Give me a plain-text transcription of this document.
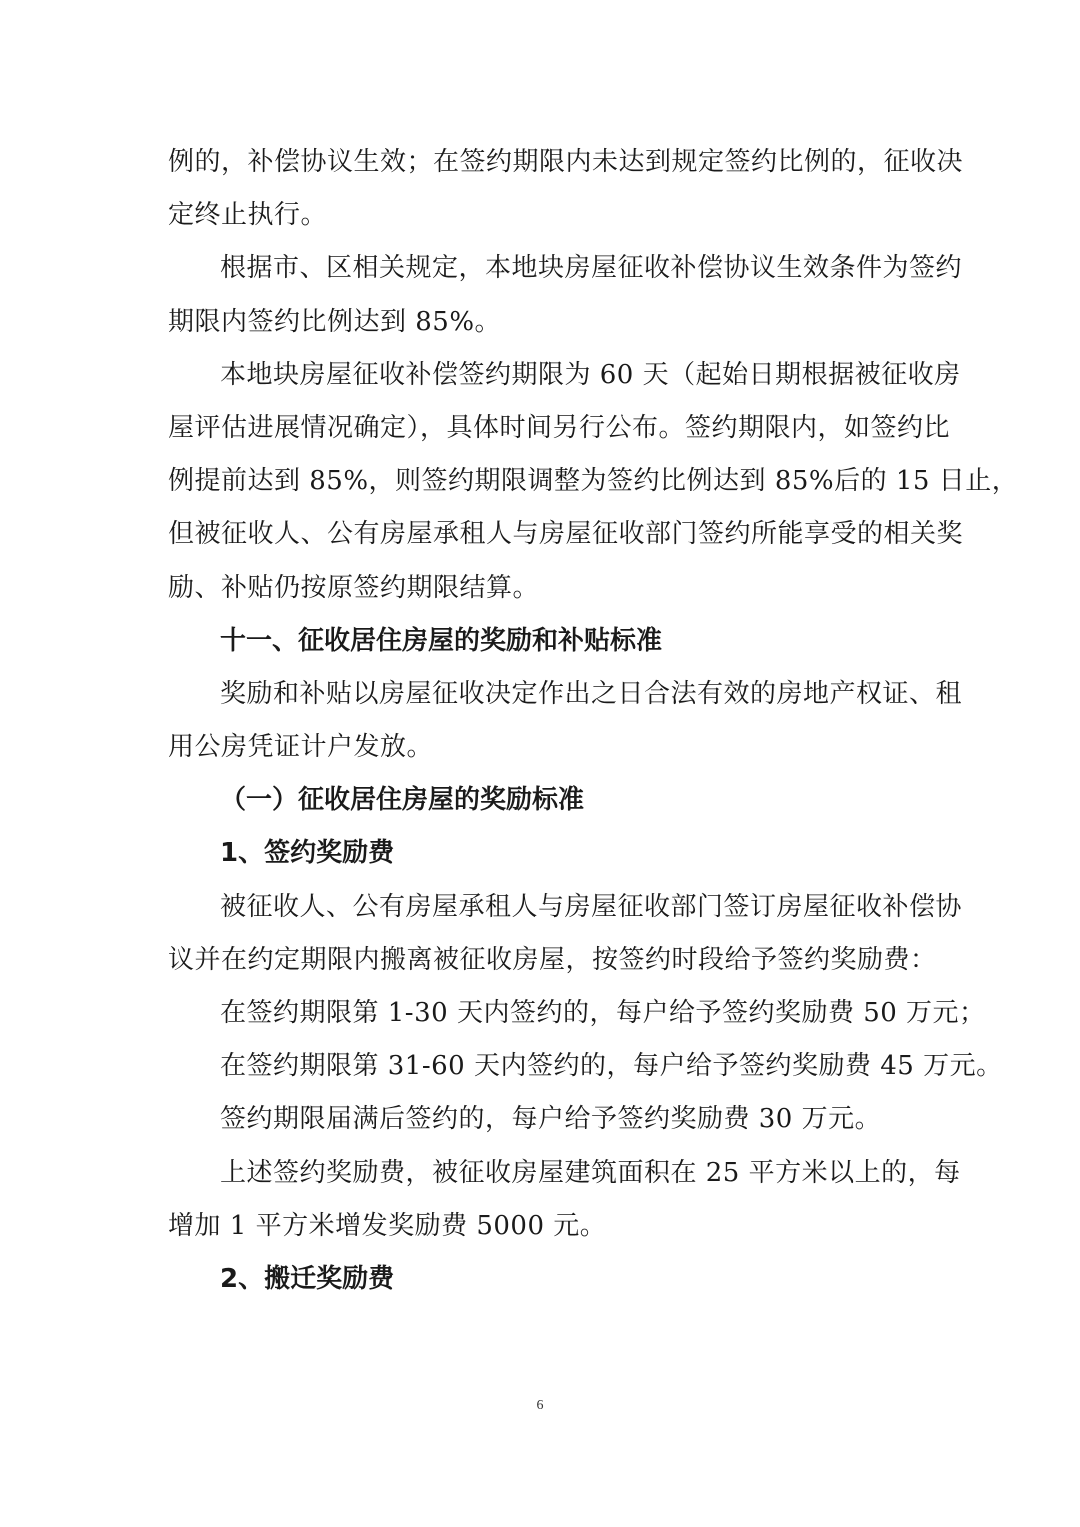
例的，补偿协议生效；在签约期限内未达到规定签约比例的，征收决
定终止执行。
根据市、区相关规定，本地块房屋征收补偿协议生效条件为签约
期限内签约比例达到 85%。
本地块房屋征收补偿签约期限为 60 天（起始日期根据被征收房
屋评估进展情况确定），具体时间另行公布。签约期限内，如签约比
例提前达到 85%，则签约期限调整为签约比例达到 85%后的 15 日止，
但被征收人、公有房屋承租人与房屋征收部门签约所能享受的相关奖
励、补贴仍按原签约期限结算。
十一、征收居住房屋的奖励和补贴标准
奖励和补贴以房屋征收决定作出之日合法有效的房地产权证、租
用公房凭证计户发放。
（一）征收居住房屋的奖励标准
1、签约奖励费
被征收人、公有房屋承租人与房屋征收部门签订房屋征收补偿协
议并在约定期限内搬离被征收房屋，按签约时段给予签约奖励费：
在签约期限第 1-30 天内签约的，每户给予签约奖励费 50 万元；
在签约期限第 31-60 天内签约的，每户给予签约奖励费 45 万元。
签约期限届满后签约的，每户给予签约奖励费 30 万元。
上述签约奖励费，被征收房屋建筑面积在 25 平方米以上的，每
增加 1 平方米增发奖励费 5000 元。
2、搬迁奖励费
6
